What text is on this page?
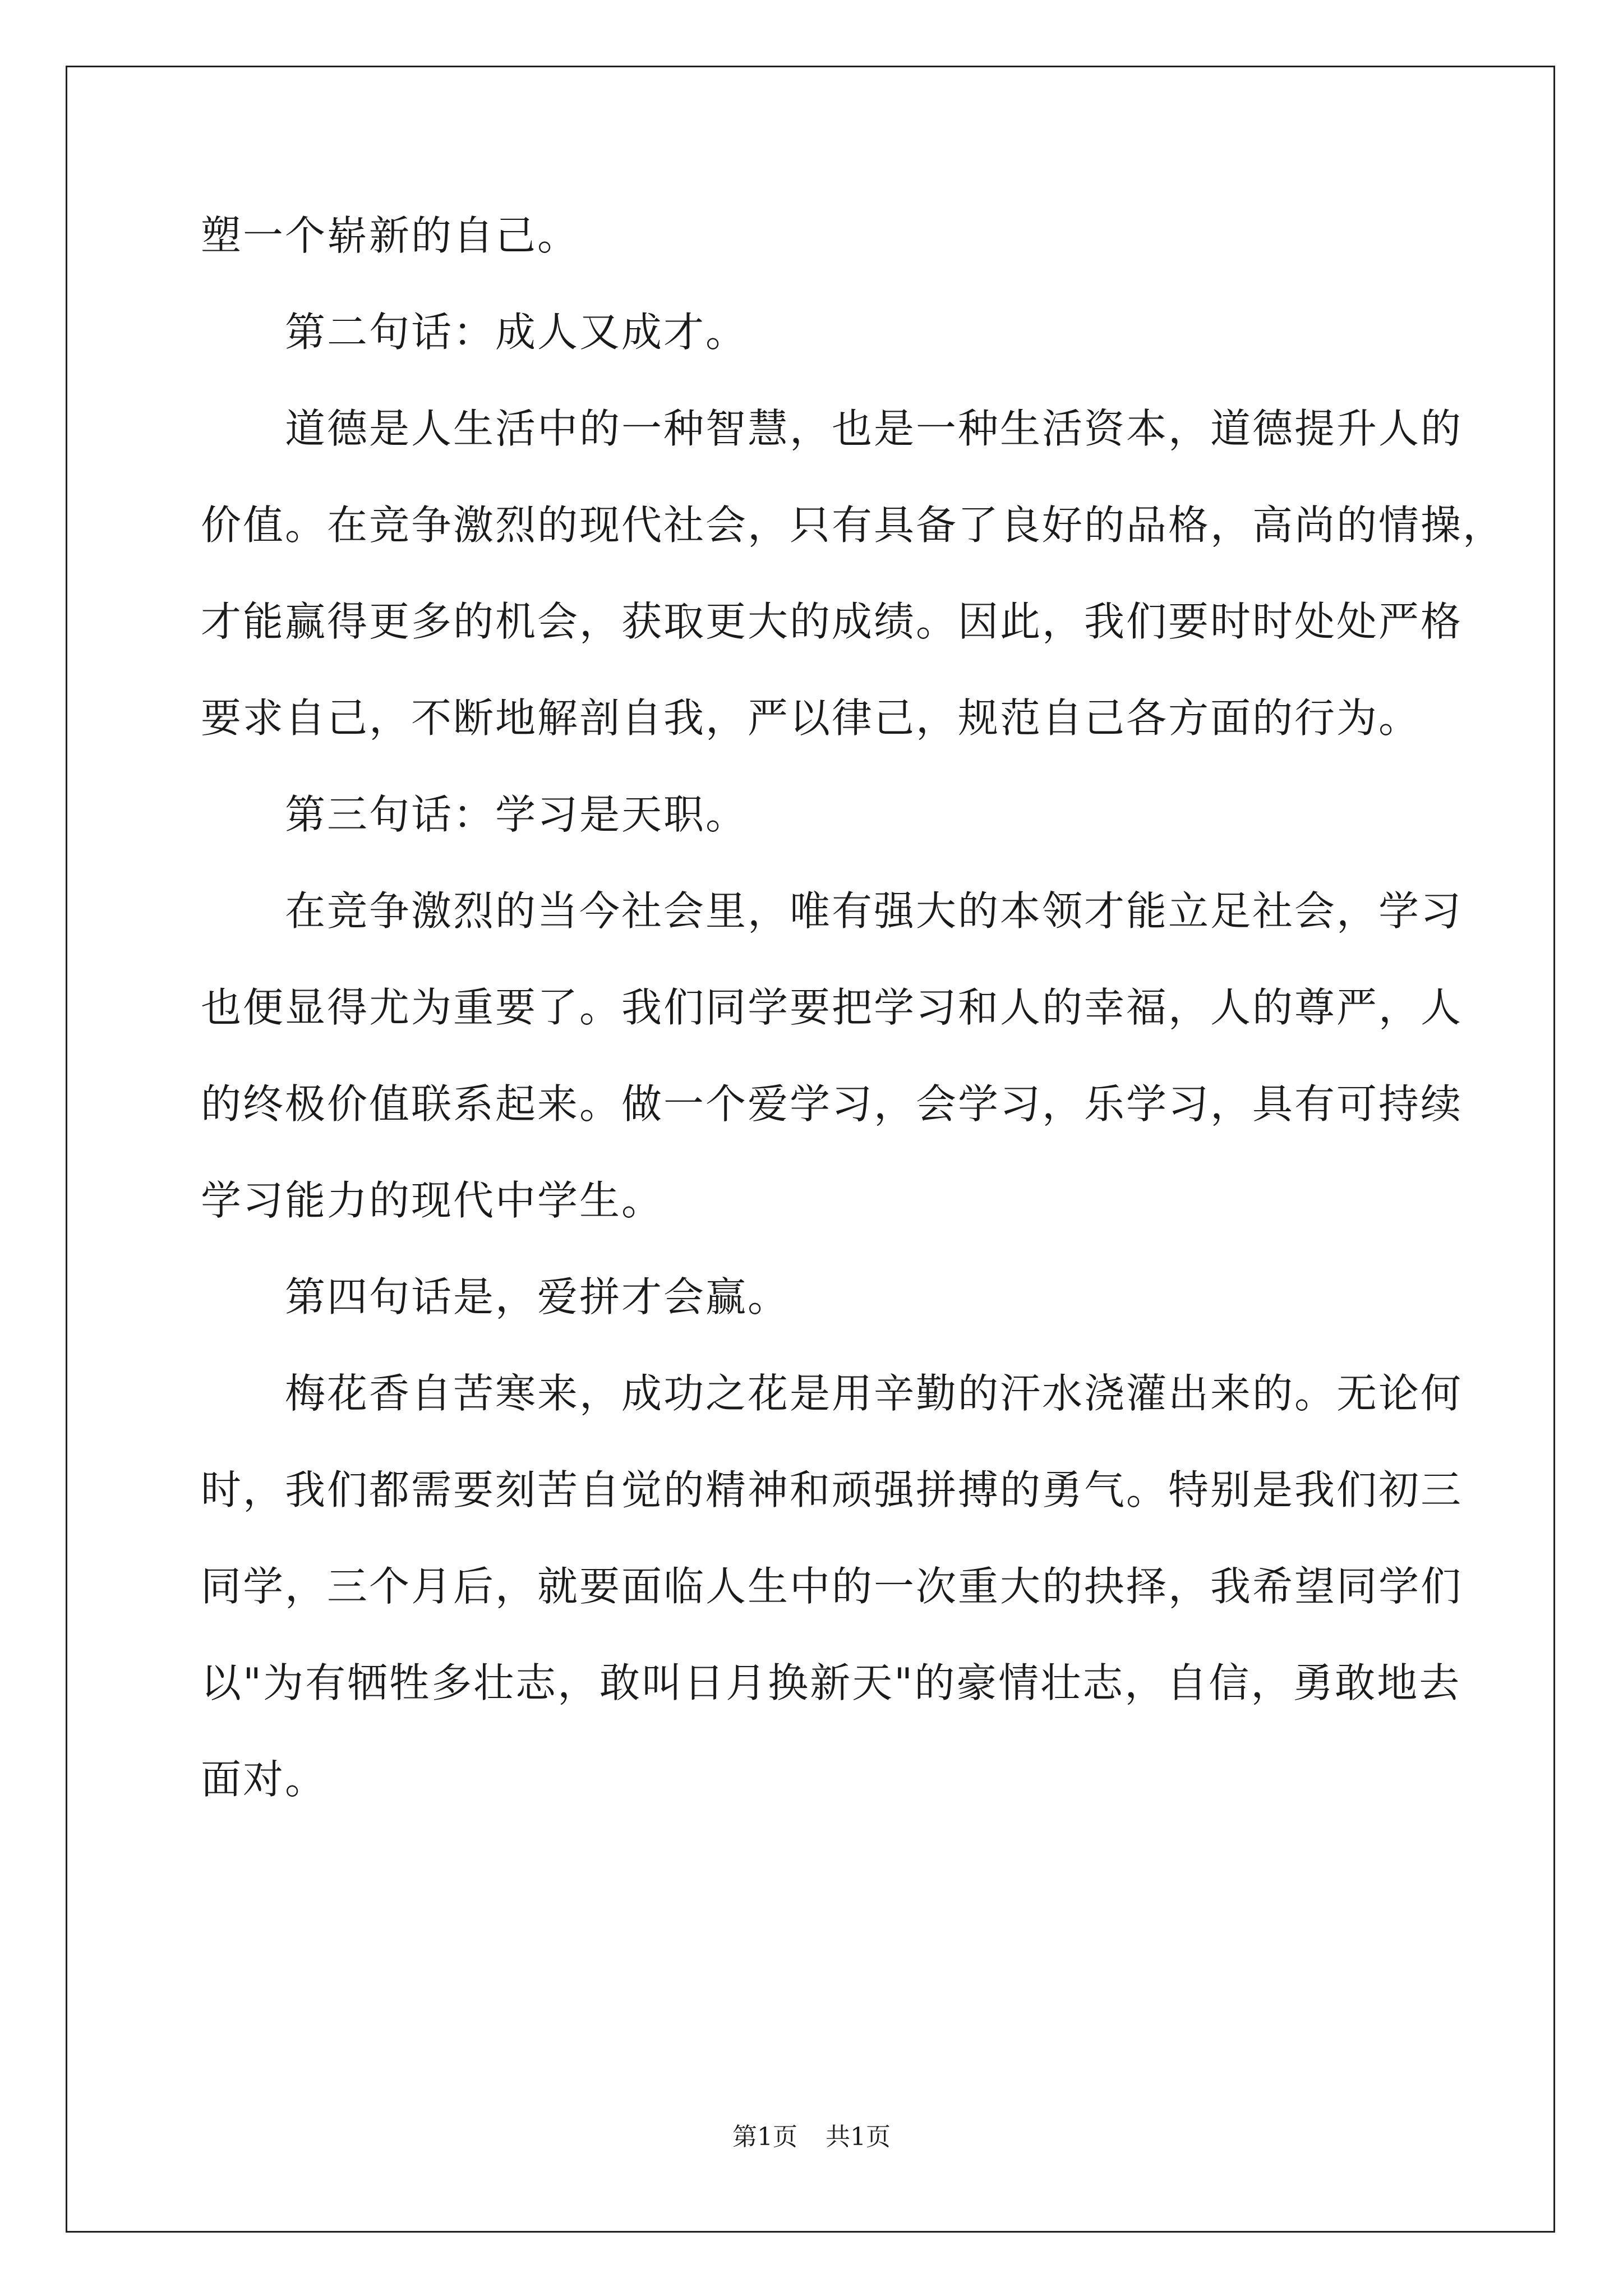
塑一个崭新的自己。
第二句话：成人又成才。
道德是人生活中的一种智慧，也是一种生活资本，道德提升人的
价值。在竞争激烈的现代社会，只有具备了良好的品格，高尚的情操，
才能赢得更多的机会，获取更大的成绩。因此，我们要时时处处严格
要求自己，不断地解剖自我，严以律己，规范自己各方面的行为。
第三句话：学习是天职。
在竞争激烈的当今社会里，唯有强大的本领才能立足社会，学习
也便显得尤为重要了。我们同学要把学习和人的幸福，人的尊严，人
的终极价值联系起来。做一个爱学习，会学习，乐学习，具有可持续
学习能力的现代中学生。
第四句话是，爱拼才会赢。
梅花香自苦寒来，成功之花是用辛勤的汗水浇灌出来的。无论何
时，我们都需要刻苦自觉的精神和顽强拼搏的勇气。特别是我们初三
同学，三个月后，就要面临人生中的一次重大的抉择，我希望同学们
以"为有牺牲多壮志，敢叫日月换新天"的豪情壮志，自信，勇敢地去
面对。
第1页 共1页
